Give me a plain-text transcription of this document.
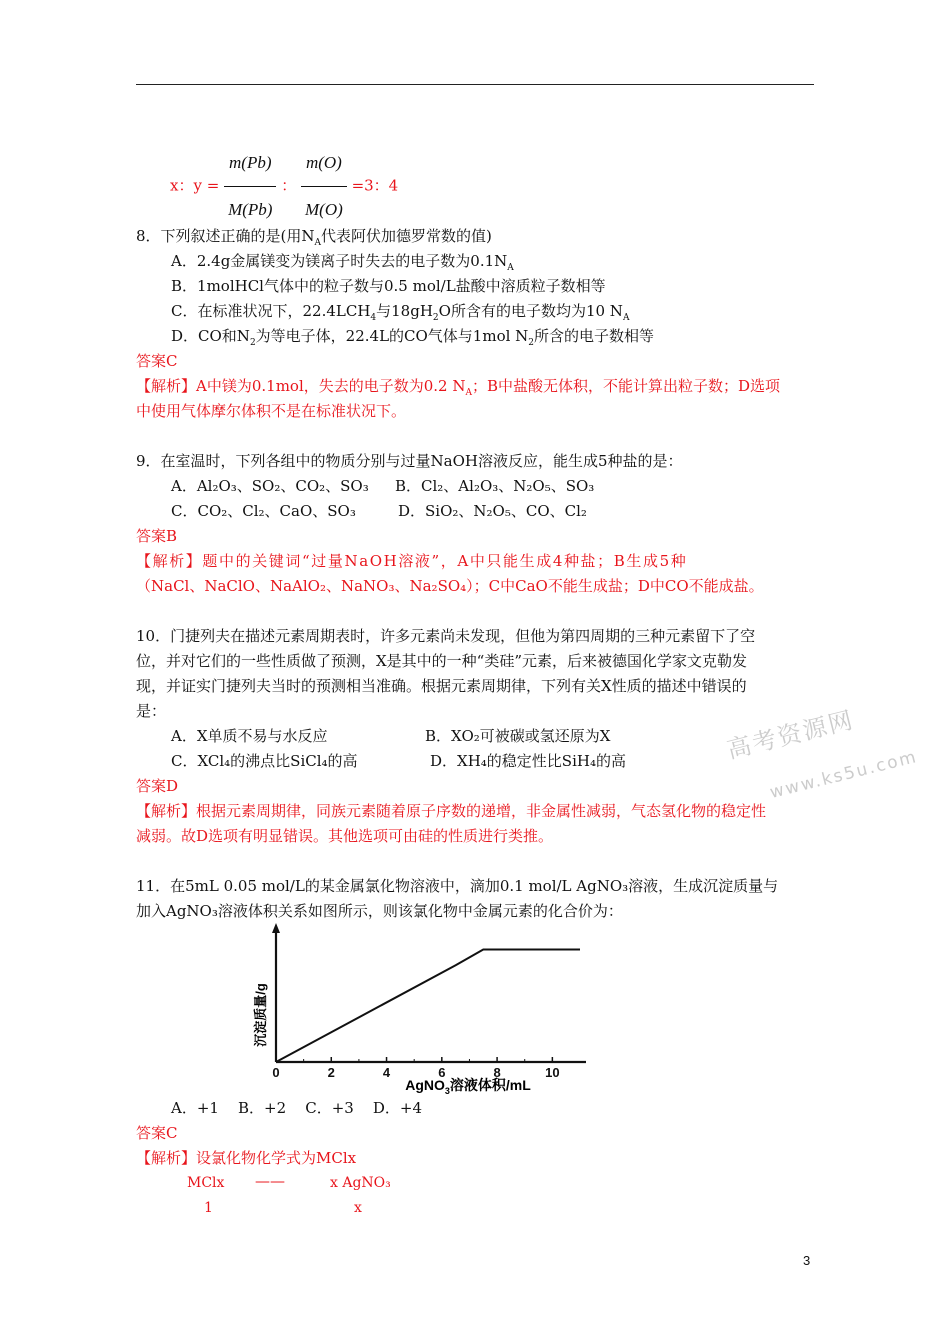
x：$y = \frac{m(Pb)}{M(Pb)}$ ： $\frac{m(O)}{M(O)} =3$：4
8．下列叙述正确的是(用$N_A$代表阿伏加德罗常数的值)
A．2.4g金属镁变为镁离子时失去的电子数为$0.1N_A$
B．1molHCl气体中的粒子数与0.5 mol/L盐酸中溶质粒子数相等
C．在标准状况下，$22.4LCH_4$与$18gH_2O$所含有的电子数均为10 $N_A$
D．CO和$N_2$为等电子体，22.4L的CO气体与1mol $N_2$所含的电子数相等
答案C
【解析】A中镁为0.1mol，失去的电子数为0.2 $N_A$；B中盐酸无体积，不能计算出粒子数；D选项
中使用气体摩尔体积不是在标准状况下。
9．在室温时，下列各组中的物质分别与过量NaOH溶液反应，能生成5种盐的是：
A．Al₂O₃、SO₂、CO₂、SO₃ B．Cl₂、Al₂O₃、N₂O₅、SO₃
C．CO₂、Cl₂、CaO、SO₃	D．SiO₂、N₂O₅、CO、Cl₂
答案B
【解析】题中的关键词“过量NaOH溶液”，A中只能生成4种盐；B生成5种
（NaCl、NaClO、NaAlO₂、NaNO₃、Na₂SO₄）；C中CaO不能生成盐；D中CO不能成盐。
10．门捷列夫在描述元素周期表时，许多元素尚未发现，但他为第四周期的三种元素留下了空
位，并对它们的一些性质做了预测，X是其中的一种“类硅”元素，后来被德国化学家文克勒发
现，并证实门捷列夫当时的预测相当准确。根据元素周期律，下列有关X性质的描述中错误的
是：
A．X单质不易与水反应	B．XO₂可被碳或氢还原为X
C．XCl₄的沸点比SiCl₄的高	D．XH₄的稳定性比SiH₄的高
答案D
【解析】根据元素周期律，同族元素随着原子序数的递增，非金属性减弱，气态氢化物的稳定性
减弱。故D选项有明显错误。其他选项可由硅的性质进行类推。
高考资源网
www.ks5u.com
11．在5mL 0.05 mol/L的某金属氯化物溶液中，滴加0.1 mol/L AgNO₃溶液，生成沉淀质量与
加入AgNO₃溶液体积关系如图所示，则该氯化物中金属元素的化合价为：
0	2	4	6	8	10
沉淀质量/g
AgNO$_3$溶液体积/mL
A．+1    B．+2    C．+3    D．+4
答案C
【解析】设氯化物化学式为MClx
MClx ——	x AgNO₃
1	x
3
